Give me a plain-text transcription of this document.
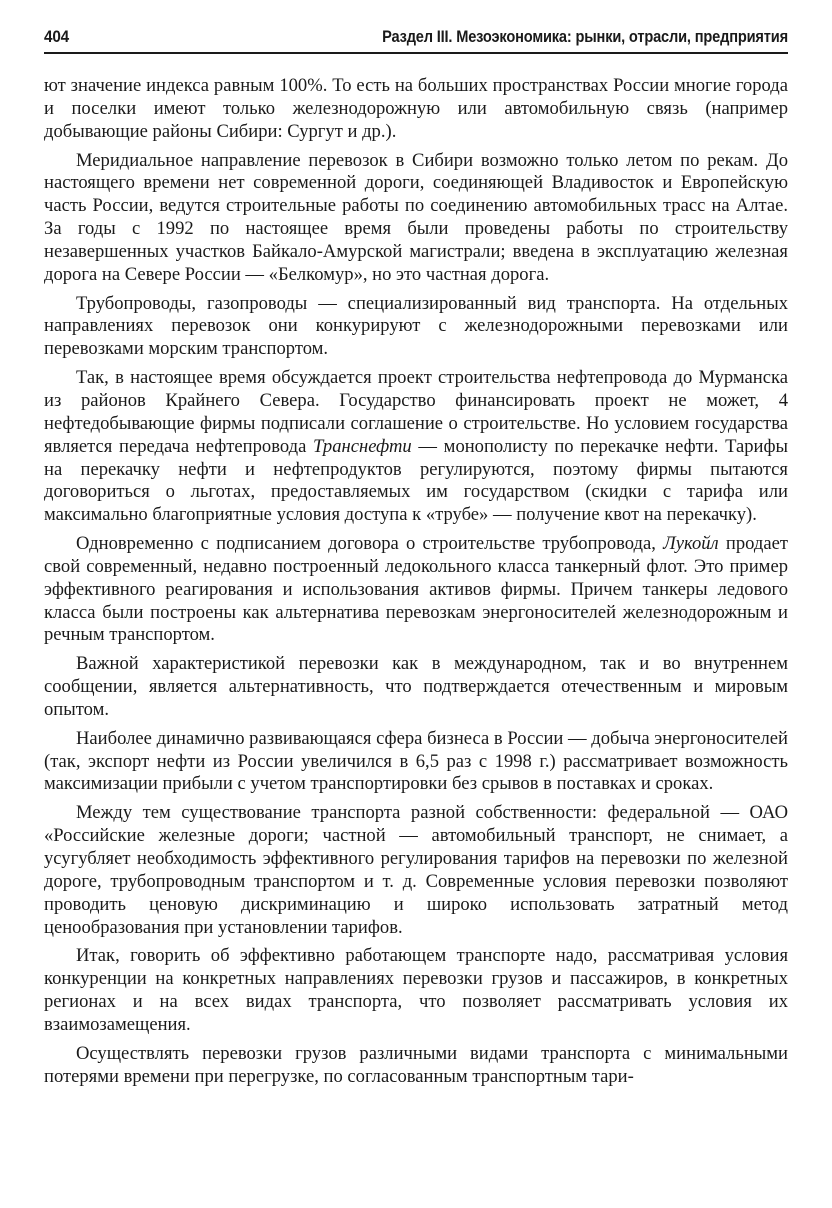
404	Раздел III. Мезоэкономика: рынки, отрасли, предприятия

ют значение индекса равным 100%. То есть на больших пространствах России многие города и поселки имеют только железнодорожную или автомобильную связь (например добывающие районы Сибири: Сургут и др.).

Меридиальное направление перевозок в Сибири возможно только летом по рекам. До настоящего времени нет современной дороги, соединяющей Владивосток и Европейскую часть России, ведутся строительные работы по соединению автомобильных трасс на Алтае. За годы с 1992 по настоящее время были проведены работы по строительству незавершенных участков Байкало-Амурской магистрали; введена в эксплуатацию железная дорога на Севере России — «Белкомур», но это частная дорога.

Трубопроводы, газопроводы — специализированный вид транспорта. На отдельных направлениях перевозок они конкурируют с железнодорожными перевозками или перевозками морским транспортом.

Так, в настоящее время обсуждается проект строительства нефтепровода до Мурманска из районов Крайнего Севера. Государство финансировать проект не может, 4 нефтедобывающие фирмы подписали соглашение о строительстве. Но условием государства является передача нефтепровода Транснефти — монополисту по перекачке нефти. Тарифы на перекачку нефти и нефтепродуктов регулируются, поэтому фирмы пытаются договориться о льготах, предоставляемых им государством (скидки с тарифа или максимально благоприятные условия доступа к «трубе» — получение квот на перекачку).

Одновременно с подписанием договора о строительстве трубопровода, Лукойл продает свой современный, недавно построенный ледокольного класса танкерный флот. Это пример эффективного реагирования и использования активов фирмы. Причем танкеры ледового класса были построены как альтернатива перевозкам энергоносителей железнодорожным и речным транспортом.

Важной характеристикой перевозки как в международном, так и во внутреннем сообщении, является альтернативность, что подтверждается отечественным и мировым опытом.

Наиболее динамично развивающаяся сфера бизнеса в России — добыча энергоносителей (так, экспорт нефти из России увеличился в 6,5 раз с 1998 г.) рассматривает возможность максимизации прибыли с учетом транспортировки без срывов в поставках и сроках.

Между тем существование транспорта разной собственности: федеральной — ОАО «Российские железные дороги; частной — автомобильный транспорт, не снимает, а усугубляет необходимость эффективного регулирования тарифов на перевозки по железной дороге, трубопроводным транспортом и т. д. Современные условия перевозки позволяют проводить ценовую дискриминацию и широко использовать затратный метод ценообразования при установлении тарифов.

Итак, говорить об эффективно работающем транспорте надо, рассматривая условия конкуренции на конкретных направлениях перевозки грузов и пассажиров, в конкретных регионах и на всех видах транспорта, что позволяет рассматривать условия их взаимозамещения.

Осуществлять перевозки грузов различными видами транспорта с минимальными потерями времени при перегрузке, по согласованным транспортным тари-
